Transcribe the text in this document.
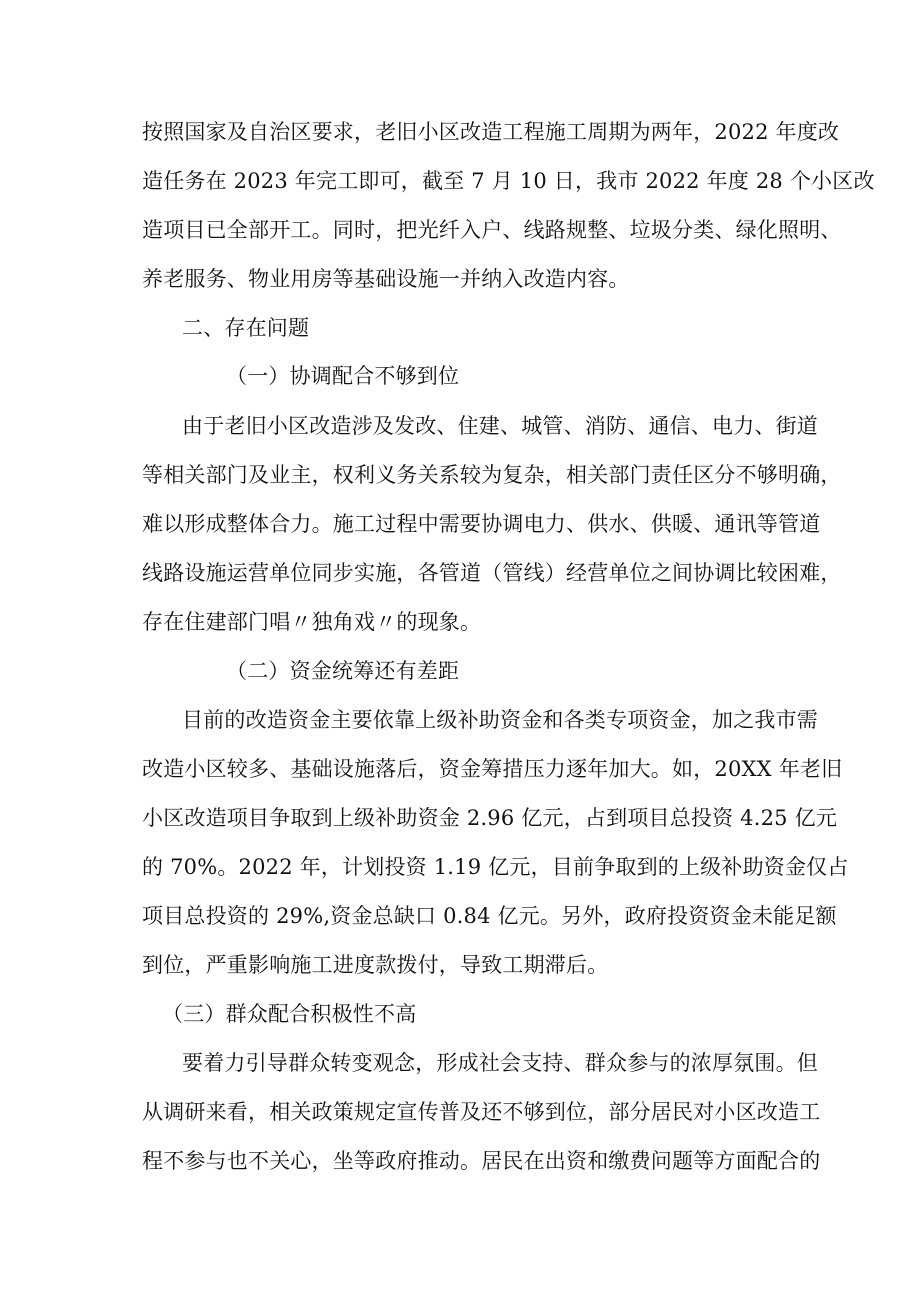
按照国家及自治区要求，老旧小区改造工程施工周期为两年，2022 年度改
造任务在 2023 年完工即可，截至 7 月 10 日，我市 2022 年度 28 个小区改
造项目已全部开工。同时，把光纤入户、线路规整、垃圾分类、绿化照明、
养老服务、物业用房等基础设施一并纳入改造内容。
二、存在问题
（一）协调配合不够到位
由于老旧小区改造涉及发改、住建、城管、消防、通信、电力、街道
等相关部门及业主，权利义务关系较为复杂，相关部门责任区分不够明确，
难以形成整体合力。施工过程中需要协调电力、供水、供暖、通讯等管道
线路设施运营单位同步实施，各管道（管线）经营单位之间协调比较困难，
存在住建部门唱〃独角戏〃的现象。
（二）资金统筹还有差距
目前的改造资金主要依靠上级补助资金和各类专项资金，加之我市需
改造小区较多、基础设施落后，资金筹措压力逐年加大。如，20XX 年老旧
小区改造项目争取到上级补助资金 2.96 亿元，占到项目总投资 4.25 亿元
的 70%。2022 年，计划投资 1.19 亿元，目前争取到的上级补助资金仅占
项目总投资的 29%,资金总缺口 0.84 亿元。另外，政府投资资金未能足额
到位，严重影响施工进度款拨付，导致工期滞后。
（三）群众配合积极性不高
要着力引导群众转变观念，形成社会支持、群众参与的浓厚氛围。但
从调研来看，相关政策规定宣传普及还不够到位，部分居民对小区改造工
程不参与也不关心，坐等政府推动。居民在出资和缴费问题等方面配合的
